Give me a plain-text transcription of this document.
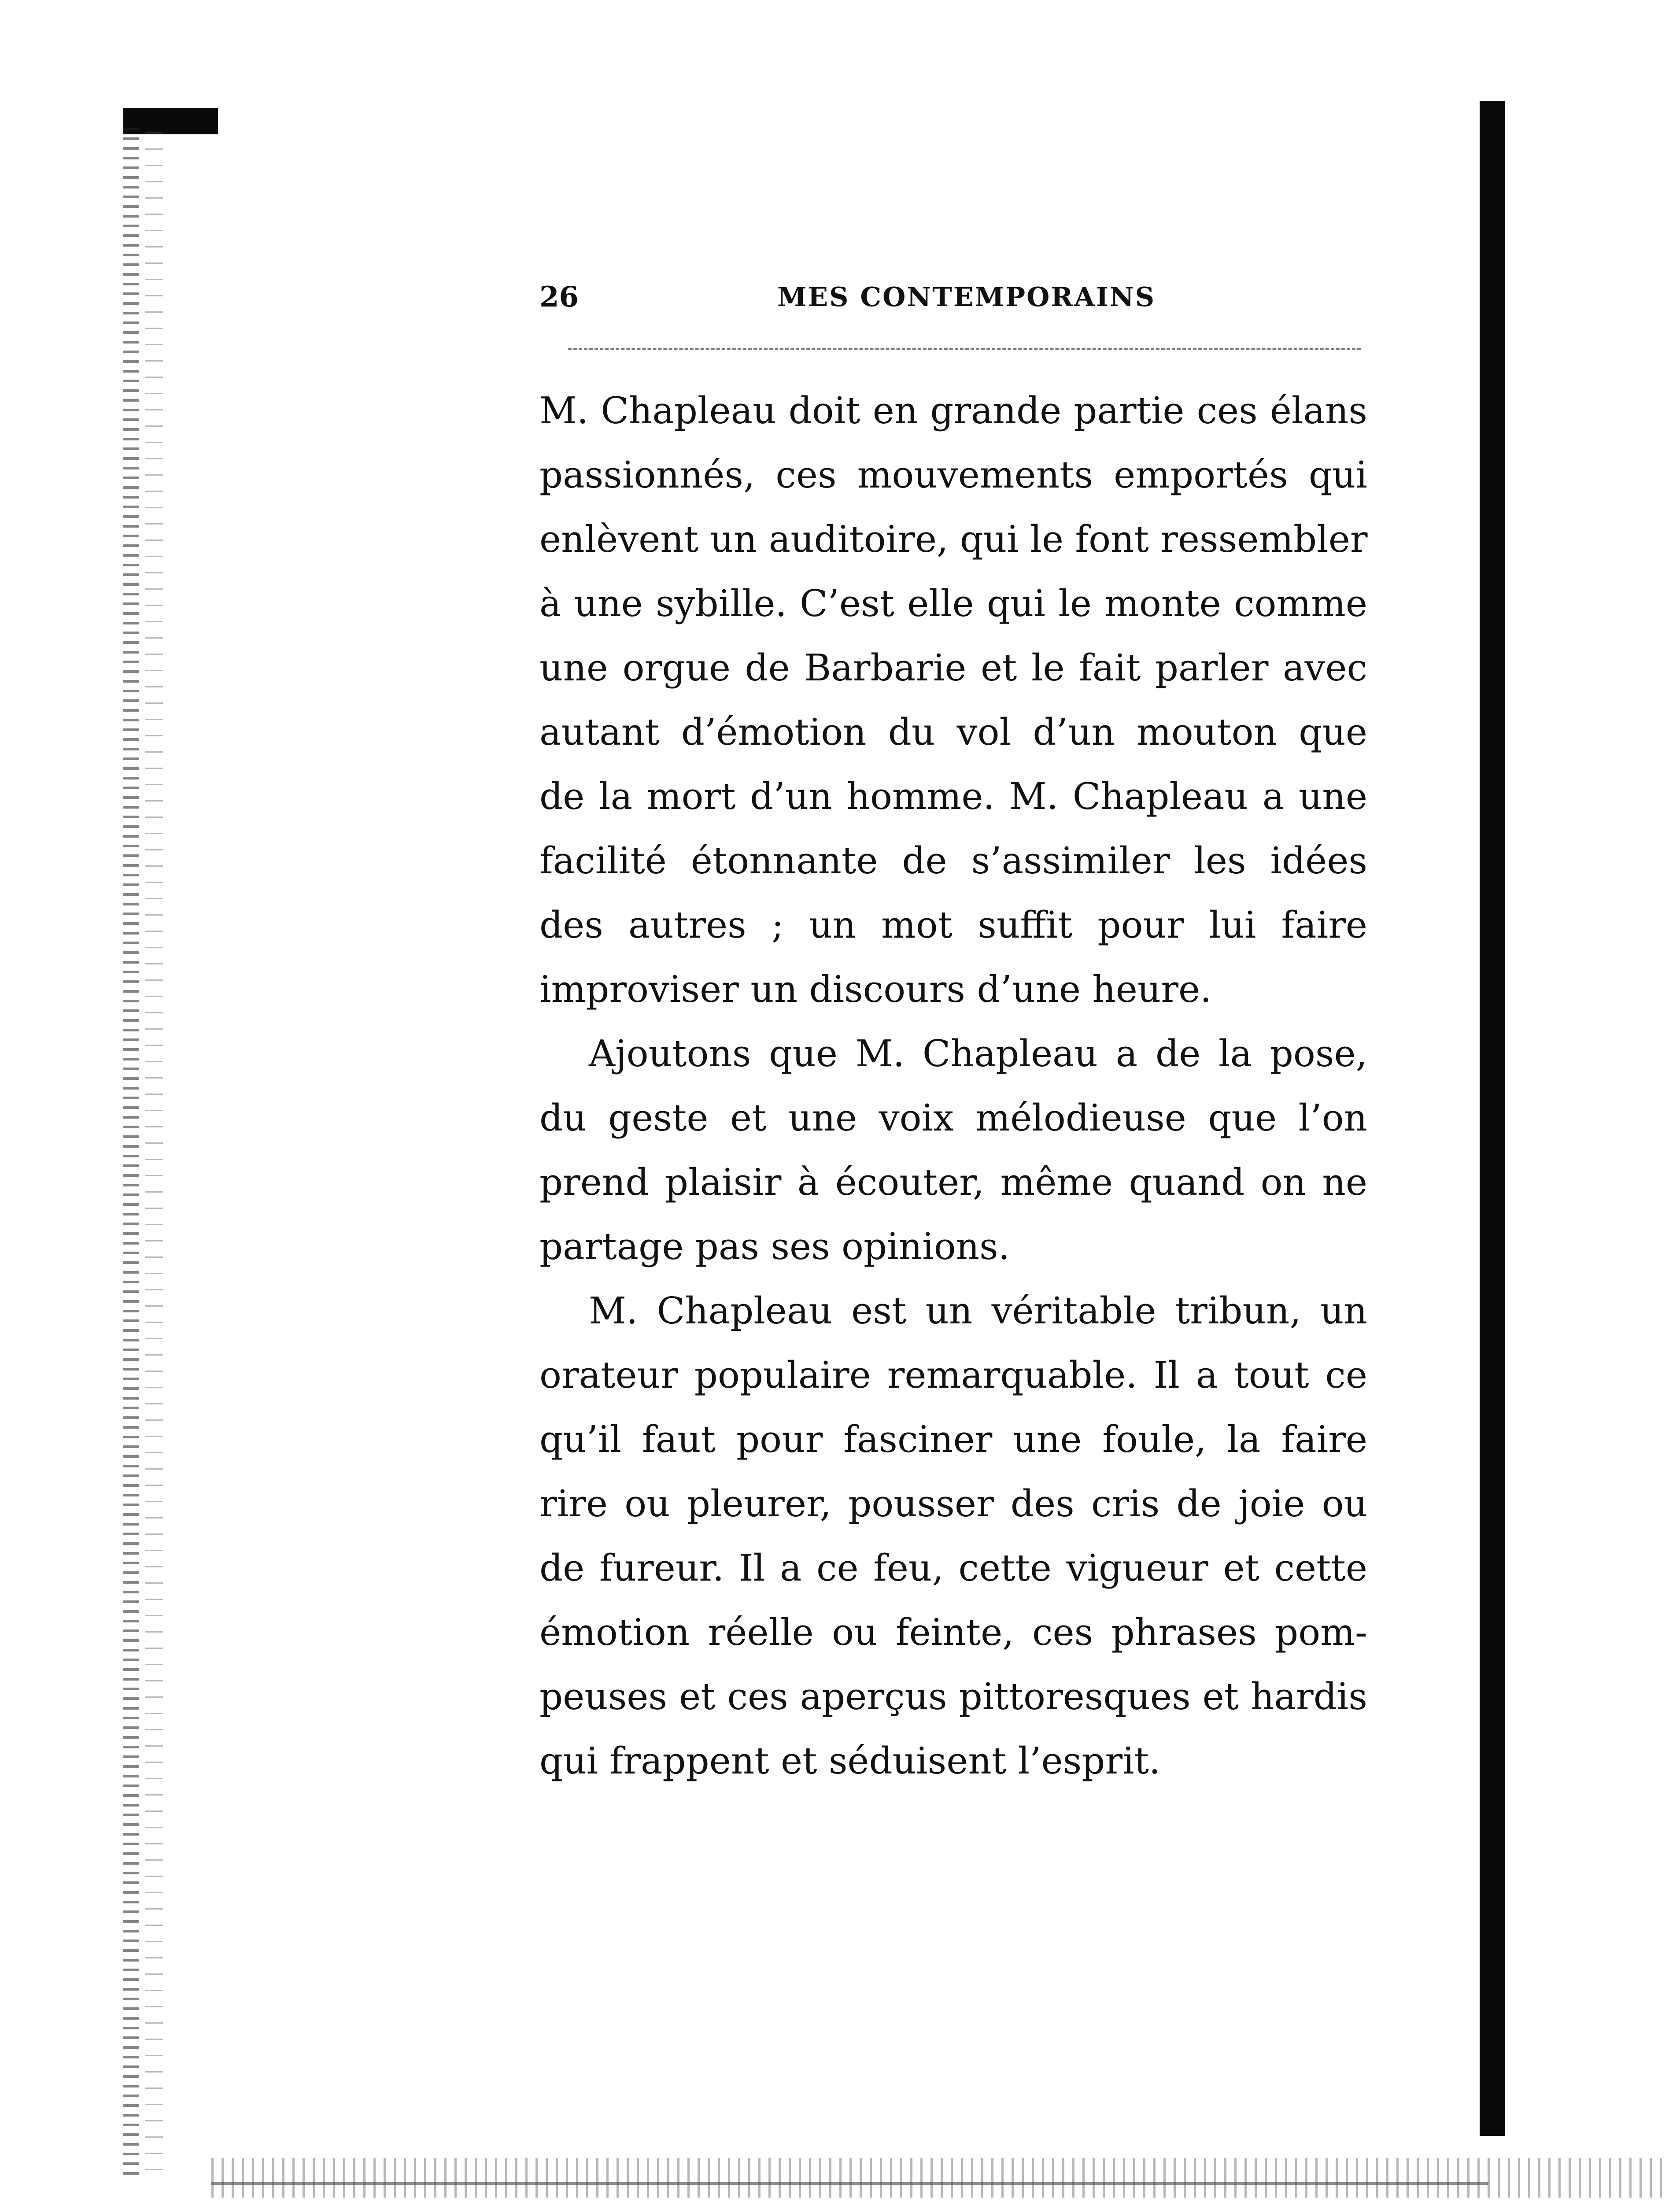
26	MES CONTEMPORAINS
M. Chapleau doit en grande partie ces élans
passionnés, ces mouvements emportés qui
enlèvent un auditoire, qui le font ressembler
à une sybille. C’est elle qui le monte comme
une orgue de Barbarie et le fait parler avec
autant d’émotion du vol d’un mouton que
de la mort d’un homme. M. Chapleau a une
facilité étonnante de s’assimiler les idées
des autres ; un mot suffit pour lui faire
improviser un discours d’une heure.
Ajoutons que M. Chapleau a de la pose,
du geste et une voix mélodieuse que l’on
prend plaisir à écouter, même quand on ne
partage pas ses opinions.
M. Chapleau est un véritable tribun, un
orateur populaire remarquable. Il a tout ce
qu’il faut pour fasciner une foule, la faire
rire ou pleurer, pousser des cris de joie ou
de fureur. Il a ce feu, cette vigueur et cette
émotion réelle ou feinte, ces phrases pom-
peuses et ces aperçus pittoresques et hardis
qui frappent et séduisent l’esprit.
